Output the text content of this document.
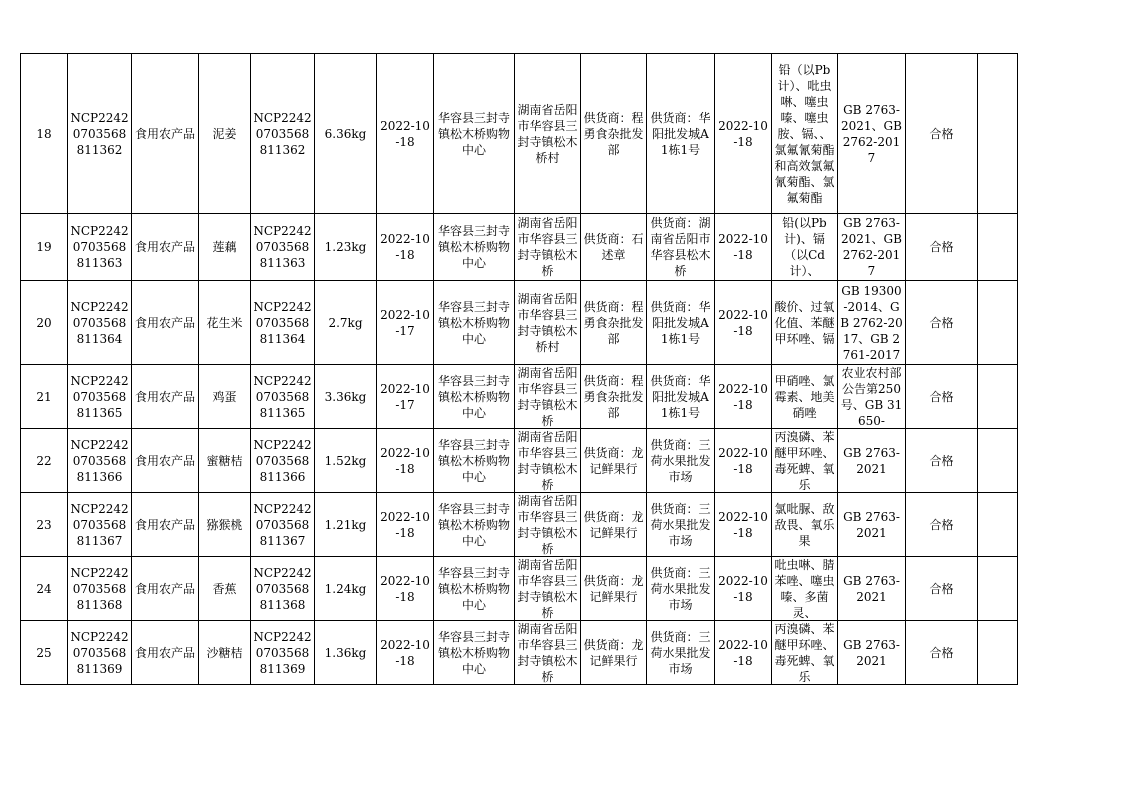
18	NCP22420703568811362	食用农产品	泥姜	NCP22420703568811362	6.36kg	2022-10-18	华容县三封寺镇松木桥购物中心	湖南省岳阳市华容县三封寺镇松木桥村	供货商：程勇食杂批发部	供货商：华阳批发城A1栋1号	2022-10-18	铅（以Pb计）、吡虫啉、噻虫嗪、噻虫胺、镉、、氯氟氰菊酯和高效氯氟氰菊酯、氯氟菊酯	GB 2763-2021、GB 2762-2017	合格	

19	NCP22420703568811363	食用农产品	莲藕	NCP22420703568811363	1.23kg	2022-10-18	华容县三封寺镇松木桥购物中心	湖南省岳阳市华容县三封寺镇松木桥	供货商：石述章	供货商：湖南省岳阳市华容县松木桥	2022-10-18	铅(以Pb计)、镉（以Cd计）、	GB 2763-2021、GB 2762-2017	合格	

20	NCP22420703568811364	食用农产品	花生米	NCP22420703568811364	2.7kg	2022-10-17	华容县三封寺镇松木桥购物中心	湖南省岳阳市华容县三封寺镇松木桥村	供货商：程勇食杂批发部	供货商：华阳批发城A1栋1号	2022-10-18	酸价、过氧化值、苯醚甲环唑、镉	GB 19300-2014、GB 2762-2017、GB 2761-2017	合格	

21	NCP22420703568811365	食用农产品	鸡蛋	NCP22420703568811365	3.36kg	2022-10-17	华容县三封寺镇松木桥购物中心	湖南省岳阳市华容县三封寺镇松木桥	供货商：程勇食杂批发部	供货商：华阳批发城A1栋1号	2022-10-18	甲硝唑、氯霉素、地美硝唑	农业农村部公告第250号、GB 31650-	合格	

22	NCP22420703568811366	食用农产品	蜜糖桔	NCP22420703568811366	1.52kg	2022-10-18	华容县三封寺镇松木桥购物中心	湖南省岳阳市华容县三封寺镇松木桥	供货商：龙记鲜果行	供货商：三荷水果批发市场	2022-10-18	丙溴磷、苯醚甲环唑、毒死蜱、氧乐	GB 2763-2021	合格	

23	NCP22420703568811367	食用农产品	猕猴桃	NCP22420703568811367	1.21kg	2022-10-18	华容县三封寺镇松木桥购物中心	湖南省岳阳市华容县三封寺镇松木桥	供货商：龙记鲜果行	供货商：三荷水果批发市场	2022-10-18	氯吡脲、敌敌畏、氧乐果	GB 2763-2021	合格	

24	NCP22420703568811368	食用农产品	香蕉	NCP22420703568811368	1.24kg	2022-10-18	华容县三封寺镇松木桥购物中心	湖南省岳阳市华容县三封寺镇松木桥	供货商：龙记鲜果行	供货商：三荷水果批发市场	2022-10-18	吡虫啉、腈苯唑、噻虫嗪、多菌灵、	GB 2763-2021	合格	

25	NCP22420703568811369	食用农产品	沙糖桔	NCP22420703568811369	1.36kg	2022-10-18	华容县三封寺镇松木桥购物中心	湖南省岳阳市华容县三封寺镇松木桥	供货商：龙记鲜果行	供货商：三荷水果批发市场	2022-10-18	丙溴磷、苯醚甲环唑、毒死蜱、氧乐	GB 2763-2021	合格	
